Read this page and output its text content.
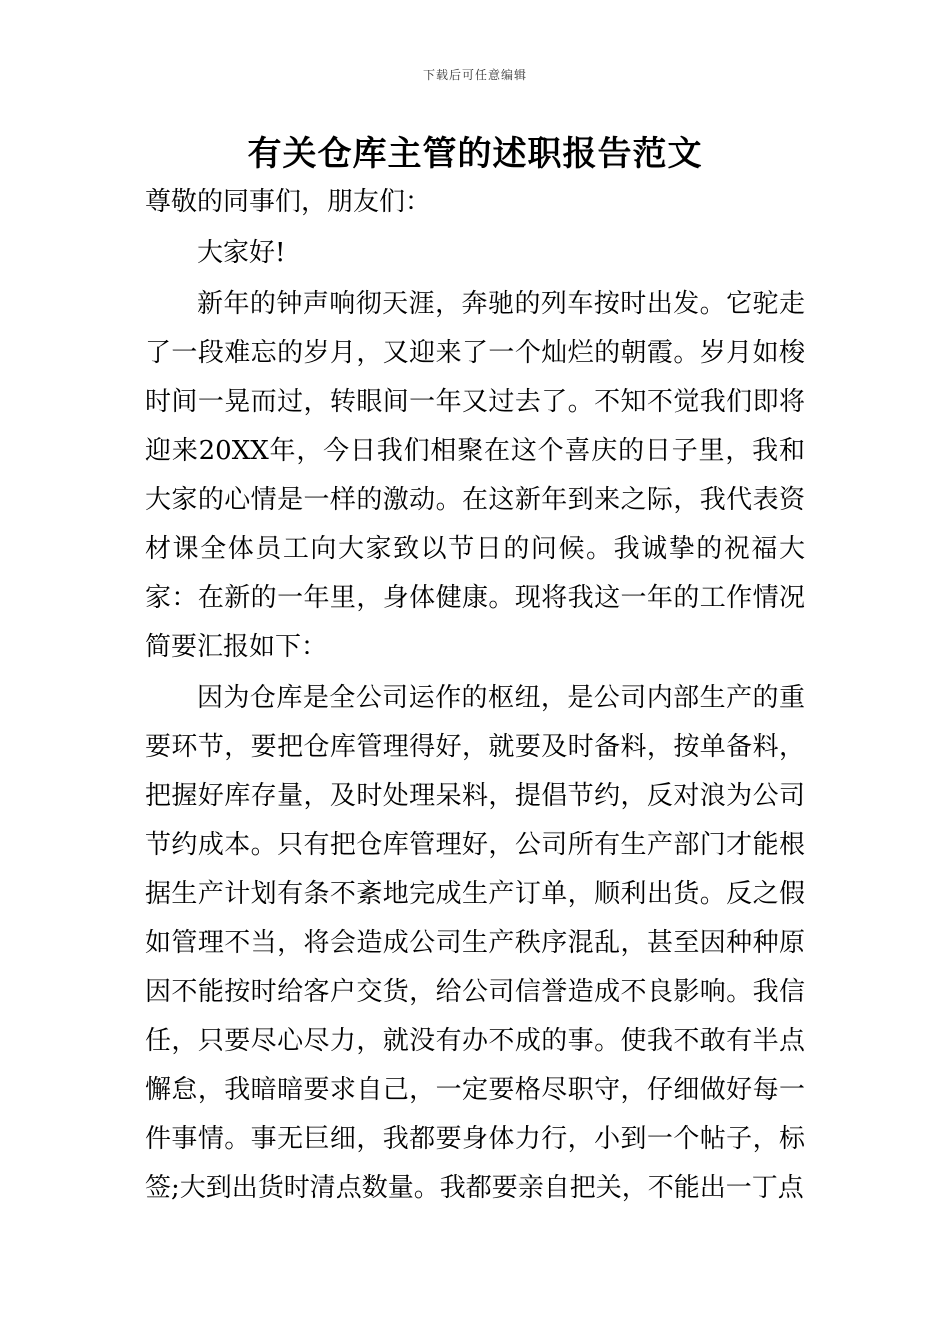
下载后可任意编辑
有关仓库主管的述职报告范文

尊敬的同事们，朋友们：

大家好!

新年的钟声响彻天涯，奔驰的列车按时出发。它驼走了一段难忘的岁月，又迎来了一个灿烂的朝霞。岁月如梭时间一晃而过，转眼间一年又过去了。不知不觉我们即将迎来20XX年，今日我们相聚在这个喜庆的日子里，我和大家的心情是一样的激动。在这新年到来之际，我代表资材课全体员工向大家致以节日的问候。我诚挚的祝福大家：在新的一年里，身体健康。现将我这一年的工作情况简要汇报如下：

因为仓库是全公司运作的枢纽，是公司内部生产的重要环节，要把仓库管理得好，就要及时备料，按单备料，把握好库存量，及时处理呆料，提倡节约，反对浪为公司节约成本。只有把仓库管理好，公司所有生产部门才能根据生产计划有条不紊地完成生产订单，顺利出货。反之假如管理不当，将会造成公司生产秩序混乱，甚至因种种原因不能按时给客户交货，给公司信誉造成不良影响。我信任，只要尽心尽力，就没有办不成的事。使我不敢有半点懈怠，我暗暗要求自己，一定要格尽职守，仔细做好每一件事情。事无巨细，我都要身体力行，小到一个帖子，标签;大到出货时清点数量。我都要亲自把关，不能出一丁点
